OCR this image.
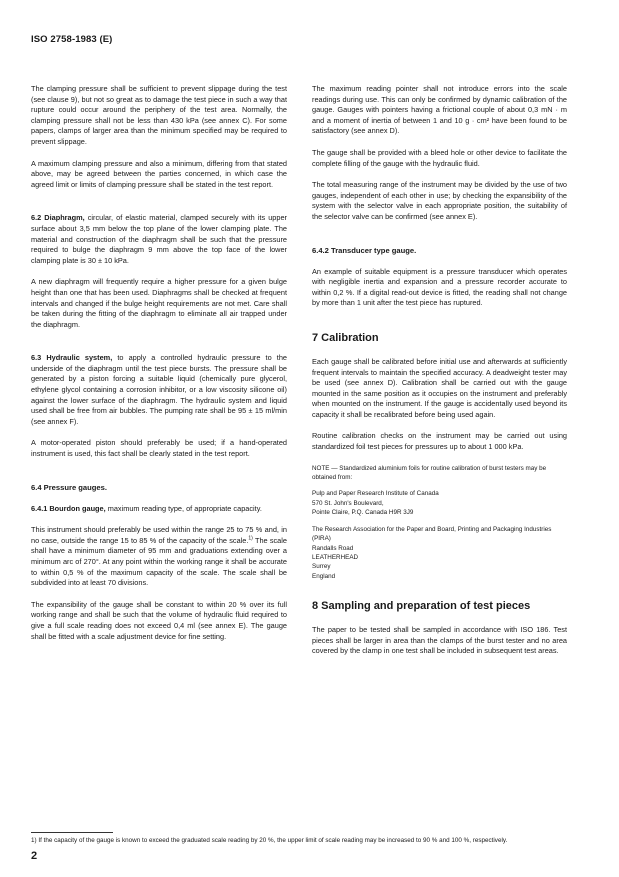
ISO 2758-1983 (E)

The clamping pressure shall be sufficient to prevent slippage during the test (see clause 9), but not so great as to damage the test piece in such a way that rupture could occur around the periphery of the test area. Normally, the clamping pressure shall not be less than 430 kPa (see annex C). For some papers, clamps of larger area than the minimum specified may be required to prevent slippage.

A maximum clamping pressure and also a minimum, differing from that stated above, may be agreed between the parties concerned, in which case the agreed limit or limits of clamping pressure shall be stated in the test report.

6.2 Diaphragm, circular, of elastic material, clamped securely with its upper surface about 3,5 mm below the top plane of the lower clamping plate. The material and construction of the diaphragm shall be such that the pressure required to bulge the diaphragm 9 mm above the top face of the lower clamping plate is 30 ± 10 kPa.

A new diaphragm will frequently require a higher pressure for a given bulge height than one that has been used. Diaphragms shall be checked at frequent intervals and changed if the bulge height requirements are not met. Care shall be taken during the fitting of the diaphragm to eliminate all air trapped under the diaphragm.

6.3 Hydraulic system, to apply a controlled hydraulic pressure to the underside of the diaphragm until the test piece bursts. The pressure shall be generated by a piston forcing a suitable liquid (chemically pure glycerol, ethylene glycol containing a corrosion inhibitor, or a low viscosity silicone oil) against the lower surface of the diaphragm. The hydraulic system and liquid used shall be free from air bubbles. The pumping rate shall be 95 ± 15 ml/min (see annex F).

A motor-operated piston should preferably be used; if a hand-operated instrument is used, this fact shall be clearly stated in the test report.

6.4 Pressure gauges.

6.4.1 Bourdon gauge, maximum reading type, of appropriate capacity.

This instrument should preferably be used within the range 25 to 75 % and, in no case, outside the range 15 to 85 % of the capacity of the scale.$^{1)}$ The scale shall have a minimum diameter of 95 mm and graduations extending over a minimum arc of 270°. At any point within the working range it shall be accurate to within 0,5 % of the maximum capacity of the scale. The scale shall be subdivided into at least 70 divisions.

The expansibility of the gauge shall be constant to within 20 % over its full working range and shall be such that the volume of hydraulic fluid required to give a full scale reading does not exceed 0,4 ml (see annex E). The gauge shall be fitted with a scale adjustment device for fine setting.

The maximum reading pointer shall not introduce errors into the scale readings during use. This can only be confirmed by dynamic calibration of the gauge. Gauges with pointers having a frictional couple of about 0,3 mN · m and a moment of inertia of between 1 and 10 g · cm² have been found to be satisfactory (see annex D).

The gauge shall be provided with a bleed hole or other device to facilitate the complete filling of the gauge with the hydraulic fluid.

The total measuring range of the instrument may be divided by the use of two gauges, independent of each other in use; by checking the expansibility of the system with the selector valve in each appropriate position, the suitability of the selector valve can be confirmed (see annex E).

6.4.2 Transducer type gauge.

An example of suitable equipment is a pressure transducer which operates with negligible inertia and expansion and a pressure recorder accurate to within 0,2 %. If a digital read-out device is fitted, the reading shall not change by more than 1 unit after the test piece has ruptured.

7 Calibration

Each gauge shall be calibrated before initial use and afterwards at sufficiently frequent intervals to maintain the specified accuracy. A deadweight tester may be used (see annex D). Calibration shall be carried out with the gauge mounted in the same position as it occupies on the instrument and preferably when mounted on the instrument. If the gauge is accidentally used beyond its capacity it shall be recalibrated before being used again.

Routine calibration checks on the instrument may be carried out using standardized foil test pieces for pressures up to about 1 000 kPa.

NOTE — Standardized aluminium foils for routine calibration of burst testers may be obtained from:

Pulp and Paper Research Institute of Canada
570 St. John's Boulevard,
Pointe Claire, P.Q. Canada H9R 3J9
The Research Association for the Paper and Board, Printing and Packaging Industries (PIRA)
Randalls Road
LEATHERHEAD
Surrey
England
8 Sampling and preparation of test pieces

The paper to be tested shall be sampled in accordance with ISO 186. Test pieces shall be larger in area than the clamps of the burst tester and no area covered by the clamp in one test shall be included in subsequent test areas.

1) If the capacity of the gauge is known to exceed the graduated scale reading by 20 %, the upper limit of scale reading may be increased to 90 % and 100 %, respectively.
2
